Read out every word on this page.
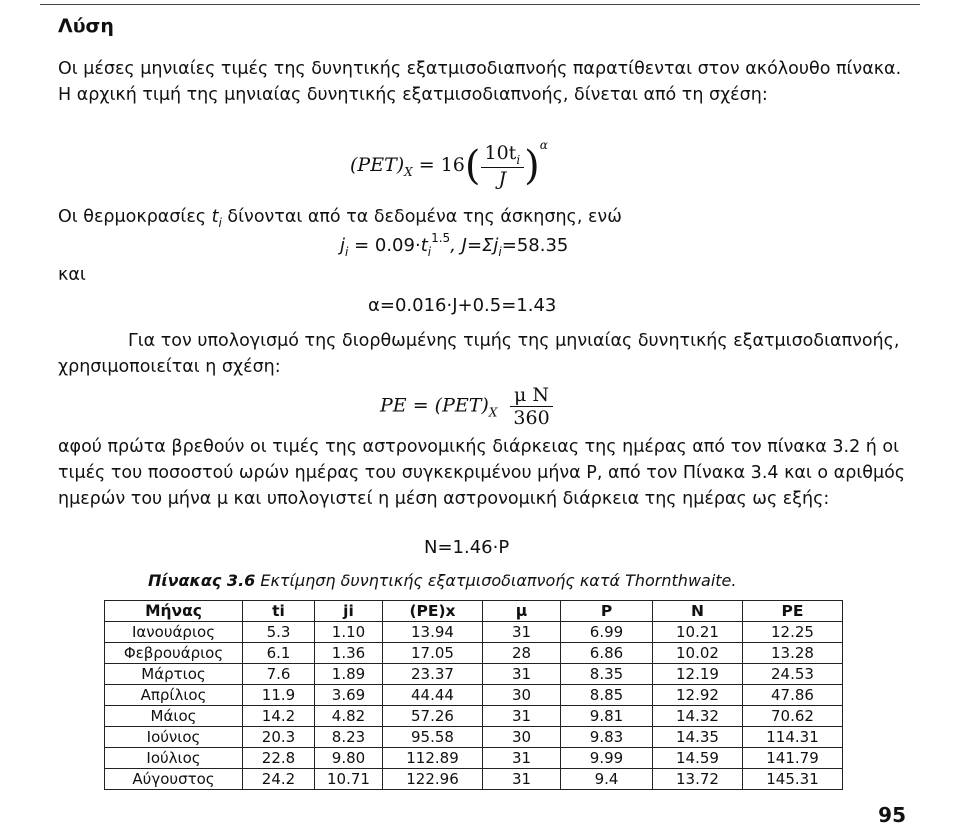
Λύση

Οι μέσες μηνιαίες τιμές της δυνητικής εξατμισοδιαπνοής παρατίθενται στον ακόλουθο πίνακα. Η αρχική τιμή της μηνιαίας δυνητικής εξατμισοδιαπνοής, δίνεται από τη σχέση:

$(PET)_X = 16( \frac{10t_i}{J} )^\alpha$

Οι θερμοκρασίες $t_i$ δίνονται από τα δεδομένα της άσκησης, ενώ

$j_i = 0.09\cdot t_i^{1.5}$, $J=\Sigma j_i=58.35$
και
α=0.016·J+0.5=1.43

Για τον υπολογισμό της διορθωμένης τιμής της μηνιαίας δυνητικής εξατμισοδιαπνοής, χρησιμοποιείται η σχέση:

PE = $(PET)_X \frac{\text{μ N}}{360}$

αφού πρώτα βρεθούν οι τιμές της αστρονομικής διάρκειας της ημέρας από τον πίνακα 3.2 ή οι τιμές του ποσοστού ωρών ημέρας του συγκεκριμένου μήνα P, από τον Πίνακα 3.4 και ο αριθμός ημερών του μήνα μ και υπολογιστεί η μέση αστρονομική διάρκεια της ημέρας ως εξής:

N=1.46·P
Πίνακας 3.6 Εκτίμηση δυνητικής εξατμισοδιαπνοής κατά Thornthwaite.
Μήνας	ti	ji	(PE)x	μ	P	N	PE
Ιανουάριος	5.3	1.10	13.94	31	6.99	10.21	12.25
Φεβρουάριος	6.1	1.36	17.05	28	6.86	10.02	13.28
Μάρτιος	7.6	1.89	23.37	31	8.35	12.19	24.53
Απρίλιος	11.9	3.69	44.44	30	8.85	12.92	47.86
Μάιος	14.2	4.82	57.26	31	9.81	14.32	70.62
Ιούνιος	20.3	8.23	95.58	30	9.83	14.35	114.31
Ιούλιος	22.8	9.80	112.89	31	9.99	14.59	141.79
Αύγουστος	24.2	10.71	122.96	31	9.4	13.72	145.31
95
